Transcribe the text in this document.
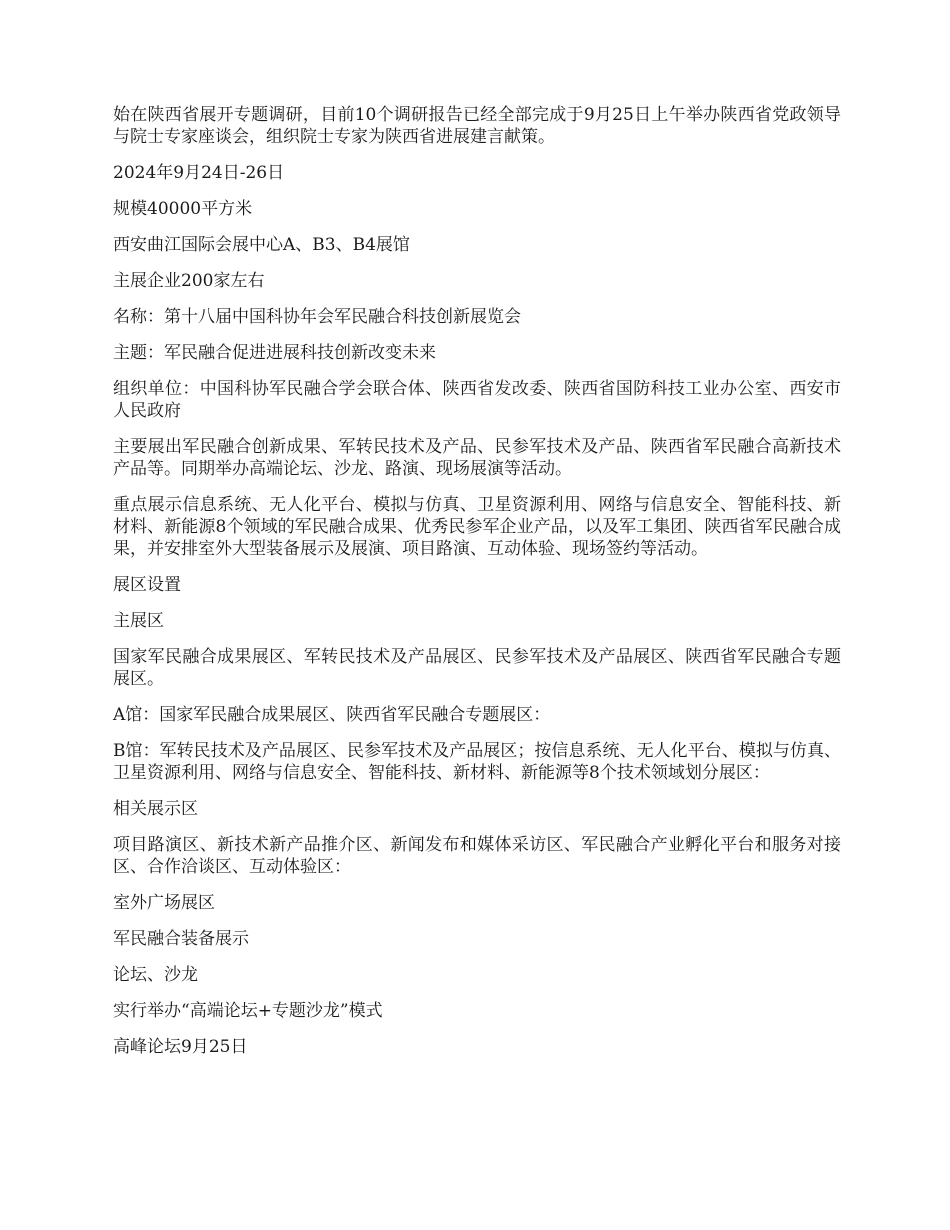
始在陕西省展开专题调研，目前10个调研报告已经全部完成于9月25日上午举办陕西省党政领导与院士专家座谈会，组织院士专家为陕西省进展建言献策。

2024年9月24日-26日

规模40000平方米

西安曲江国际会展中心A、B3、B4展馆

主展企业200家左右

名称：第十八届中国科协年会军民融合科技创新展览会

主题：军民融合促进进展科技创新改变未来

组织单位：中国科协军民融合学会联合体、陕西省发改委、陕西省国防科技工业办公室、西安市人民政府

主要展出军民融合创新成果、军转民技术及产品、民参军技术及产品、陕西省军民融合高新技术产品等。同期举办高端论坛、沙龙、路演、现场展演等活动。

重点展示信息系统、无人化平台、模拟与仿真、卫星资源利用、网络与信息安全、智能科技、新材料、新能源8个领域的军民融合成果、优秀民参军企业产品，以及军工集团、陕西省军民融合成果，并安排室外大型装备展示及展演、项目路演、互动体验、现场签约等活动。

展区设置

主展区

国家军民融合成果展区、军转民技术及产品展区、民参军技术及产品展区、陕西省军民融合专题展区。

A馆：国家军民融合成果展区、陕西省军民融合专题展区：

B馆：军转民技术及产品展区、民参军技术及产品展区；按信息系统、无人化平台、模拟与仿真、卫星资源利用、网络与信息安全、智能科技、新材料、新能源等8个技术领域划分展区：

相关展示区

项目路演区、新技术新产品推介区、新闻发布和媒体采访区、军民融合产业孵化平台和服务对接区、合作洽谈区、互动体验区：

室外广场展区

军民融合装备展示

论坛、沙龙

实行举办“高端论坛+专题沙龙”模式

高峰论坛9月25日
